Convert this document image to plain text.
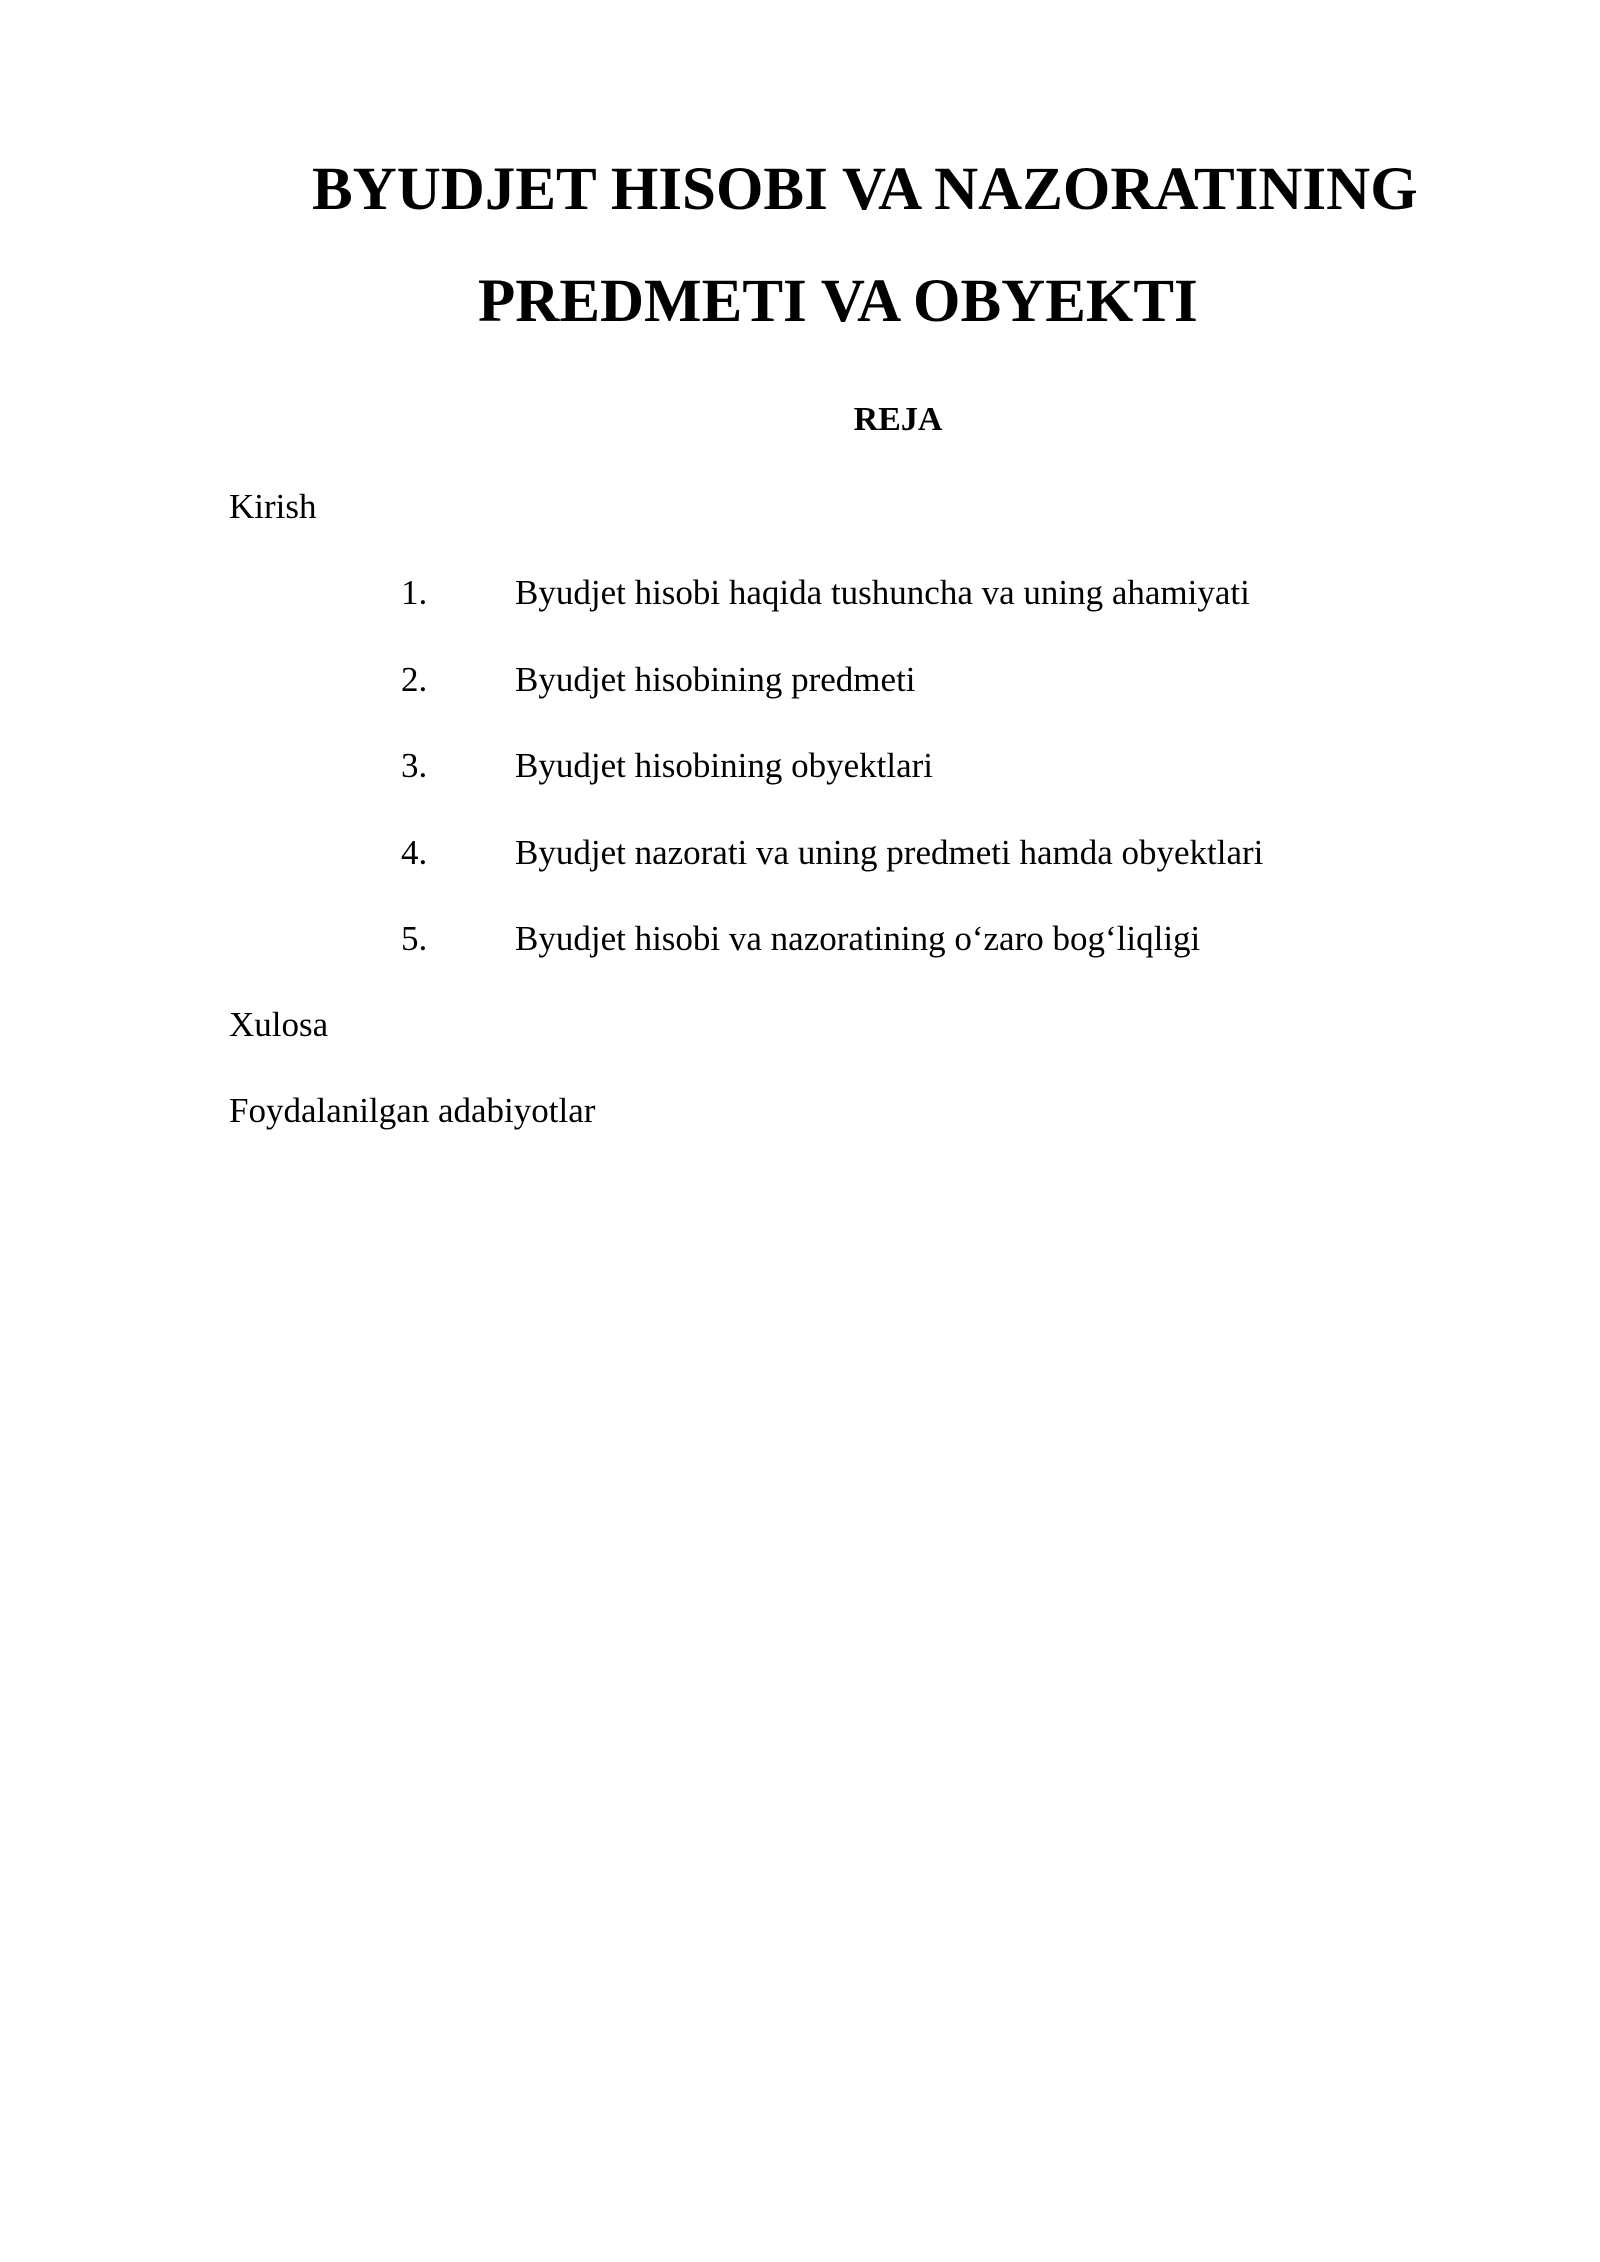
BYUDJET HISOBI VA NAZORATINING
PREDMETI VA OBYEKTI
REJA

Kirish

1.	Byudjet hisobi haqida tushuncha va uning ahamiyati
2.	Byudjet hisobining predmeti
3.	Byudjet hisobining obyektlari
4.	Byudjet nazorati va uning predmeti hamda obyektlari
5.	Byudjet hisobi va nazoratining o‘zaro bog‘liqligi

Xulosa

Foydalanilgan adabiyotlar
